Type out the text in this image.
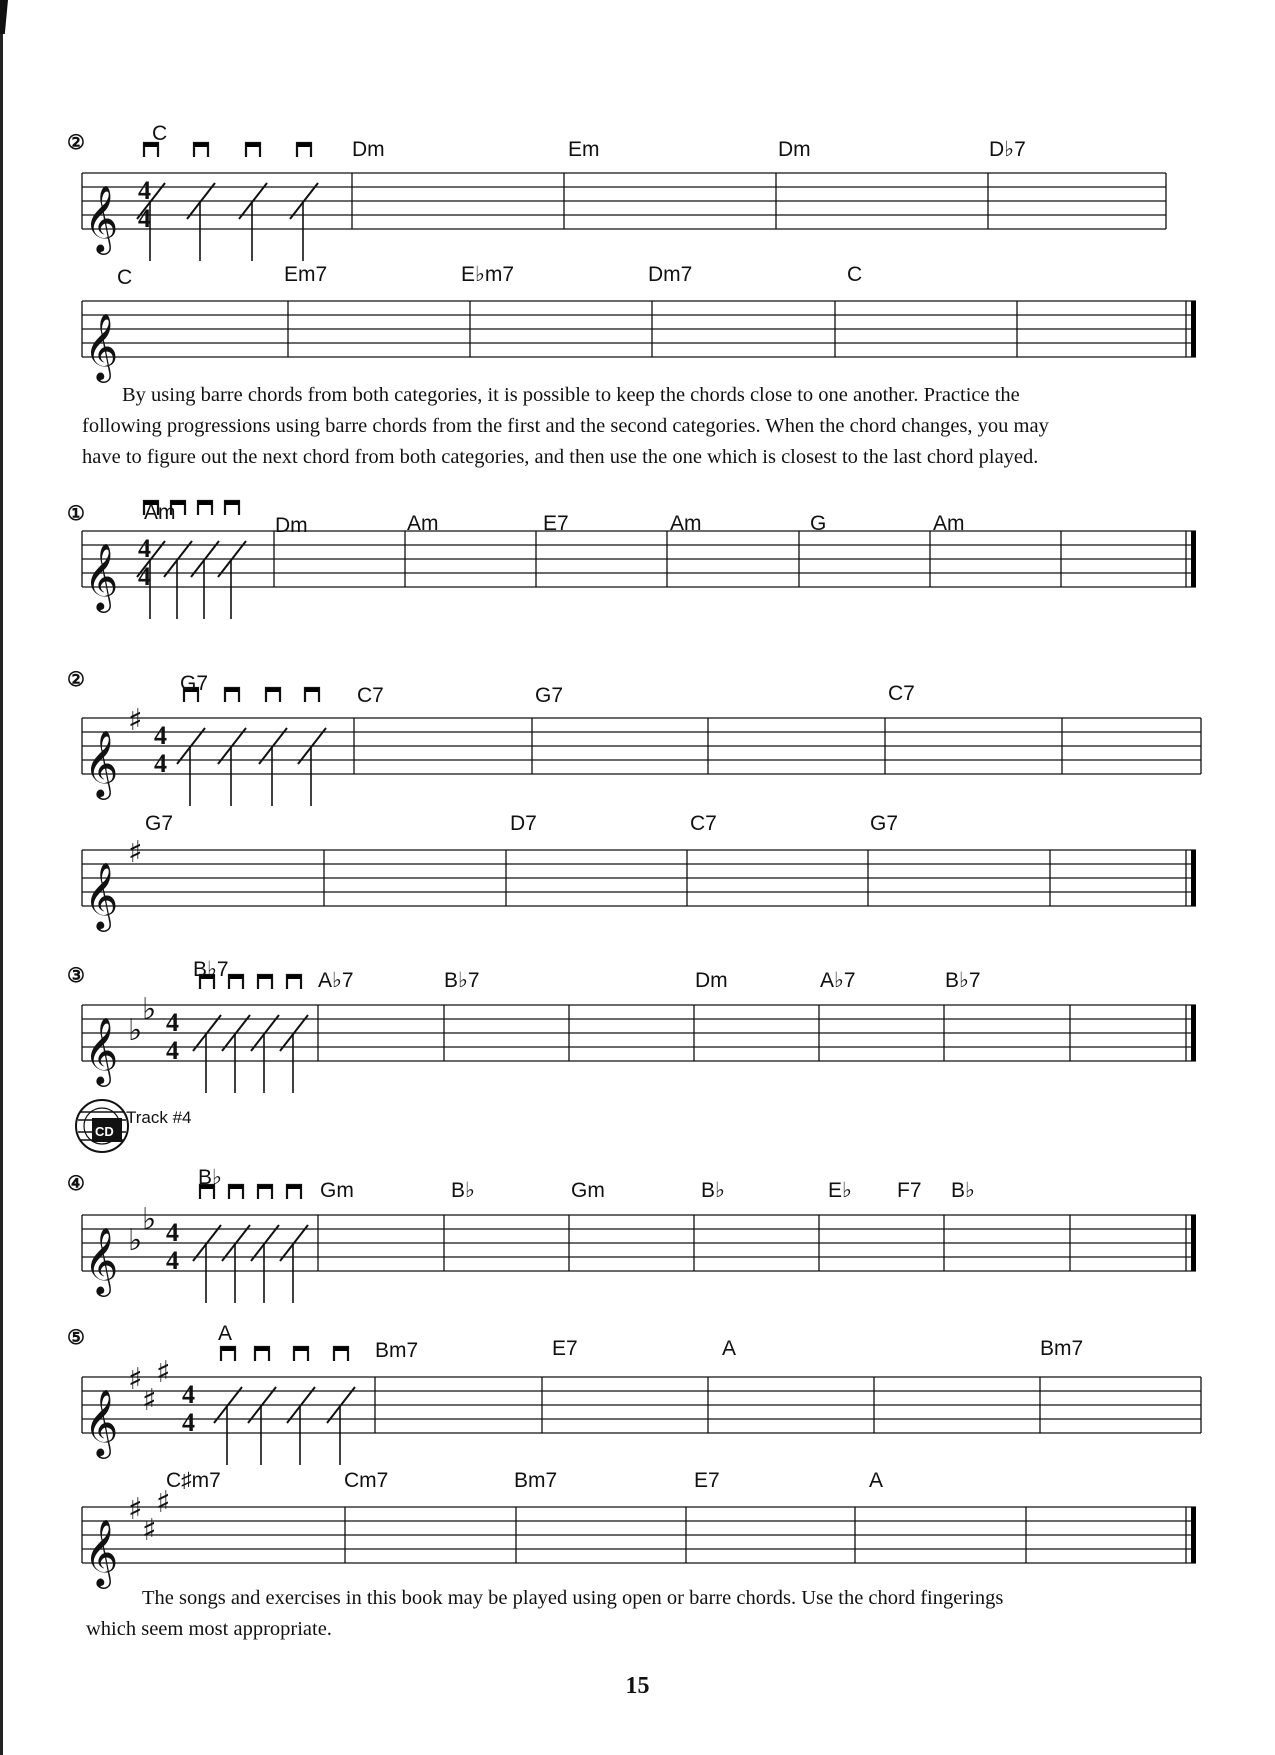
CD
Track #4
②
𝄞 4
4
C
Dm	Em	Dm	D♭7
𝄞
C	Em7	E♭m7	Dm7	C
①
𝄞 4
4
Am
Dm	Am	E7	Am	G	Am
②
𝄞
♯ 4
4
G7
C7	G7	C7
𝄞
♯
G7	D7	C7	G7
③
𝄞 ♭
♭ 4
4
B♭7	A♭7	B♭7	Dm	A♭7	B♭7
④
𝄞 ♭
♭ 4
4
B♭
Gm	B♭	Gm	B♭	E♭ F7 B♭
⑤
𝄞
♯
♯
♯
4
4
A
Bm7	E7	A	Bm7
𝄞
♯
♯
♯
C♯m7	Cm7	Bm7	E7	A
By using barre chords from both categories, it is possible to keep the chords close to one another. Practice the
following progressions using barre chords from the first and the second categories. When the chord changes, you may
have to figure out the next chord from both categories, and then use the one which is closest to the last chord played.
The songs and exercises in this book may be played using open or barre chords. Use the chord fingerings
which seem most appropriate.
15
